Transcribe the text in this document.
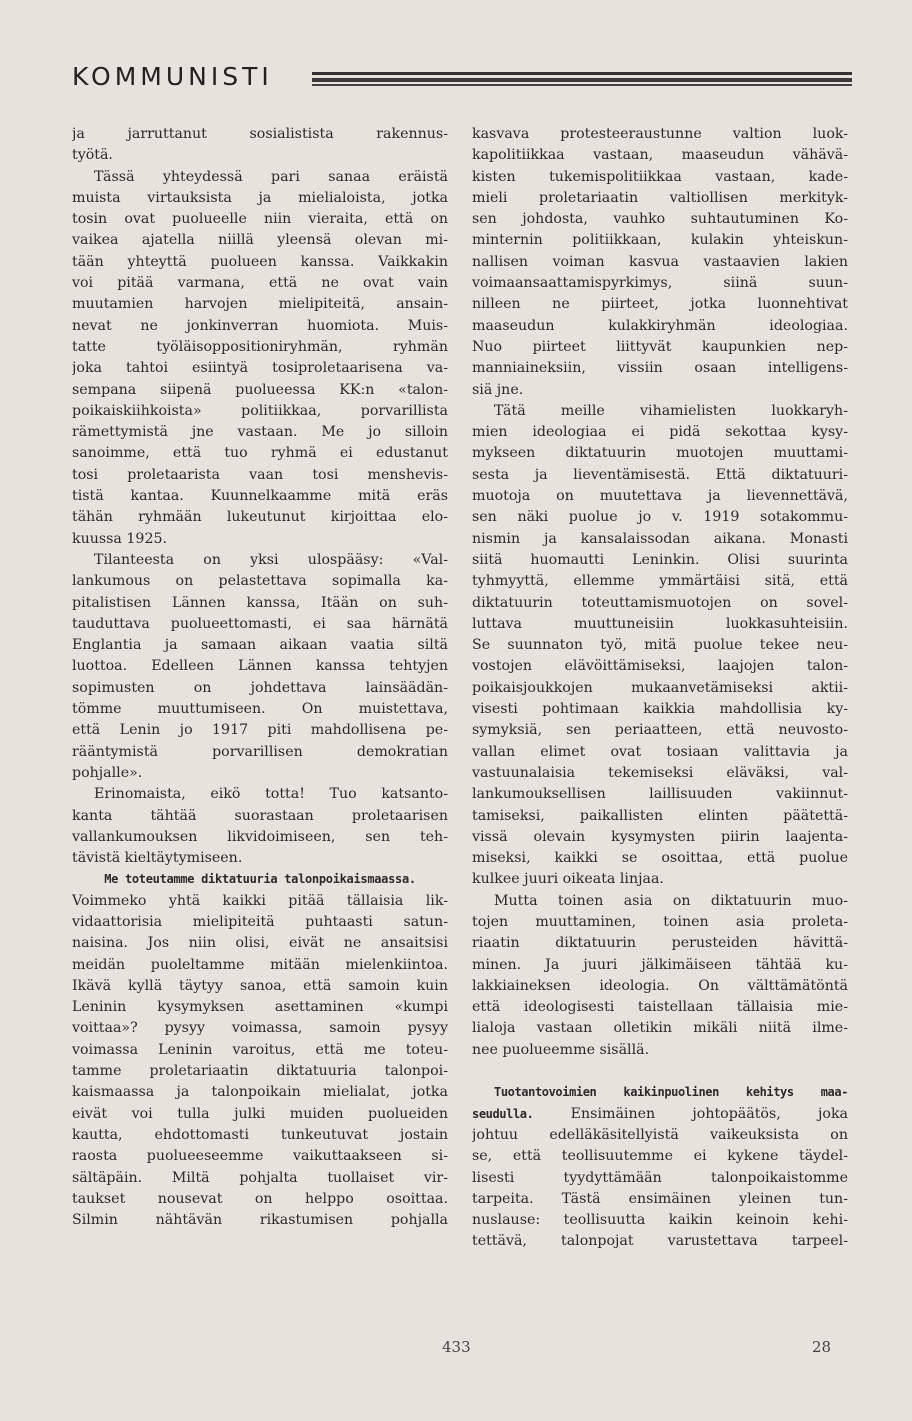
KOMMUNISTI
ja jarruttanut sosialistista rakennus-
työtä.
Tässä yhteydessä pari sanaa eräistä
muista virtauksista ja mielialoista, jotka
tosin ovat puolueelle niin vieraita, että on
vaikea ajatella niillä yleensä olevan mi-
tään yhteyttä puolueen kanssa. Vaikkakin
voi pitää varmana, että ne ovat vain
muutamien harvojen mielipiteitä, ansain-
nevat ne jonkinverran huomiota. Muis-
tatte työläisoppositioniryhmän, ryhmän
joka tahtoi esiintyä tosiproletaarisena va-
sempana siipenä puolueessa KK:n «talon-
poikaiskiihkoista» politiikkaa, porvarillista
rämettymistä jne vastaan. Me jo silloin
sanoimme, että tuo ryhmä ei edustanut
tosi proletaarista vaan tosi menshevis-
tistä kantaa. Kuunnelkaamme mitä eräs
tähän ryhmään lukeutunut kirjoittaa elo-
kuussa 1925.
Tilanteesta on yksi ulospääsy: «Val-
lankumous on pelastettava sopimalla ka-
pitalistisen Lännen kanssa, Itään on suh-
tauduttava puolueettomasti, ei saa härnätä
Englantia ja samaan aikaan vaatia siltä
luottoa. Edelleen Lännen kanssa tehtyjen
sopimusten on johdettava lainsäädän-
tömme muuttumiseen. On muistettava,
että Lenin jo 1917 piti mahdollisena pe-
rääntymistä porvarillisen demokratian
pohjalle».
Erinomaista, eikö totta! Tuo katsanto-
kanta tähtää suorastaan proletaarisen
vallankumouksen likvidoimiseen, sen teh-
tävistä kieltäytymiseen.
Me toteutamme diktatuuria talonpoikaismaassa.
Voimmeko yhtä kaikki pitää tällaisia lik-
vidaattorisia mielipiteitä puhtaasti satun-
naisina. Jos niin olisi, eivät ne ansaitsisi
meidän puoleltamme mitään mielenkiintoa.
Ikävä kyllä täytyy sanoa, että samoin kuin
Leninin kysymyksen asettaminen «kumpi
voittaa»? pysyy voimassa, samoin pysyy
voimassa Leninin varoitus, että me toteu-
tamme proletariaatin diktatuuria talonpoi-
kaismaassa ja talonpoikain mielialat, jotka
eivät voi tulla julki muiden puolueiden
kautta, ehdottomasti tunkeutuvat jostain
raosta puolueeseemme vaikuttaakseen si-
sältäpäin. Miltä pohjalta tuollaiset vir-
taukset nousevat on helppo osoittaa.
Silmin nähtävän rikastumisen pohjalla
kasvava protesteeraustunne valtion luok-
kapolitiikkaa vastaan, maaseudun vähävä-
kisten tukemispolitiikkaa vastaan, kade-
mieli proletariaatin valtiollisen merkityk-
sen johdosta, vauhko suhtautuminen Ko-
minternin politiikkaan, kulakin yhteiskun-
nallisen voiman kasvua vastaavien lakien
voimaansaattamispyrkimys, siinä suun-
nilleen ne piirteet, jotka luonnehtivat
maaseudun kulakkiryhmän ideologiaa.
Nuo piirteet liittyvät kaupunkien nep-
manniaineksiin, vissiin osaan intelligens-
siä jne.
Tätä meille vihamielisten luokkaryh-
mien ideologiaa ei pidä sekottaa kysy-
mykseen diktatuurin muotojen muuttami-
sesta ja lieventämisestä. Että diktatuuri-
muotoja on muutettava ja lievennettävä,
sen näki puolue jo v. 1919 sotakommu-
nismin ja kansalaissodan aikana. Monasti
siitä huomautti Leninkin. Olisi suurinta
tyhmyyttä, ellemme ymmärtäisi sitä, että
diktatuurin toteuttamismuotojen on sovel-
luttava muuttuneisiin luokkasuhteisiin.
Se suunnaton työ, mitä puolue tekee neu-
vostojen elävöittämiseksi, laajojen talon-
poikaisjoukkojen mukaanvetämiseksi aktii-
visesti pohtimaan kaikkia mahdollisia ky-
symyksiä, sen periaatteen, että neuvosto-
vallan elimet ovat tosiaan valittavia ja
vastuunalaisia tekemiseksi eläväksi, val-
lankumouksellisen laillisuuden vakiinnut-
tamiseksi, paikallisten elinten päätettä-
vissä olevain kysymysten piirin laajenta-
miseksi, kaikki se osoittaa, että puolue
kulkee juuri oikeata linjaa.
Mutta toinen asia on diktatuurin muo-
tojen muuttaminen, toinen asia proleta-
riaatin diktatuurin perusteiden hävittä-
minen. Ja juuri jälkimäiseen tähtää ku-
lakkiaineksen ideologia. On välttämätöntä
että ideologisesti taistellaan tällaisia mie-
lialoja vastaan olletikin mikäli niitä ilme-
nee puolueemme sisällä.
Tuotantovoimien kaikinpuolinen kehitys maa-
seudulla. Ensimäinen johtopäätös, joka
johtuu edelläkäsitellyistä vaikeuksista on
se, että teollisuutemme ei kykene täydel-
lisesti tyydyttämään talonpoikaistomme
tarpeita. Tästä ensimäinen yleinen tun-
nuslause: teollisuutta kaikin keinoin kehi-
tettävä, talonpojat varustettava tarpeel-
433	28
